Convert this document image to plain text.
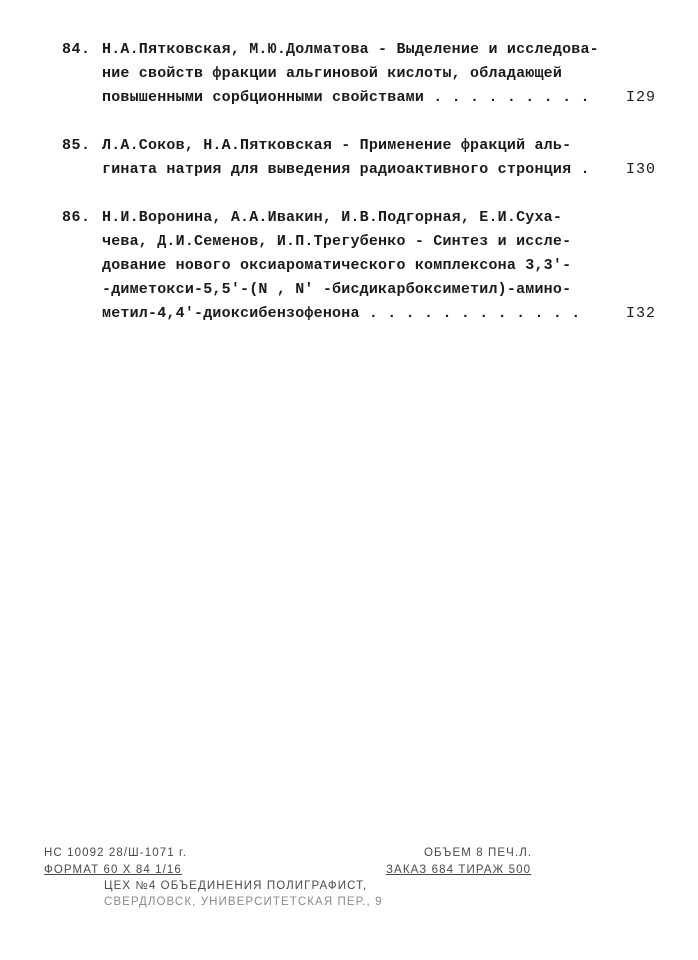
84. Н.А.Пятковская, М.Ю.Долматова - Выделение и исследова-
ние свойств фракции альгиновой кислоты, обладающей
повышенными сорбционными свойствами . . . . . . . . . I29
85. Л.А.Соков, Н.А.Пятковская - Применение фракций аль-
гината натрия для выведения радиоактивного стронция . I30
86. Н.И.Воронина, А.А.Ивакин, И.В.Подгорная, Е.И.Суха-
чева, Д.И.Семенов, И.П.Трегубенко - Синтез и иссле-
дование нового оксиароматического комплексона 3,3'-
-диметокси-5,5'-(N , N' -бисдикарбоксиметил)-амино-
метил-4,4'-диоксибензофенона . . . . . . . . . . . .	I32
НС 10092 28/Ш-1071 г.	ОБЪЕМ 8 ПЕЧ.Л.
ФОРМАТ 60 Х 84 1/16	ЗАКАЗ 684 ТИРАЖ 500
ЦЕХ №4 ОБЪЕДИНЕНИЯ ПОЛИГРАФИСТ,
СВЕРДЛОВСК, УНИВЕРСИТЕТСКАЯ ПЕР., 9
